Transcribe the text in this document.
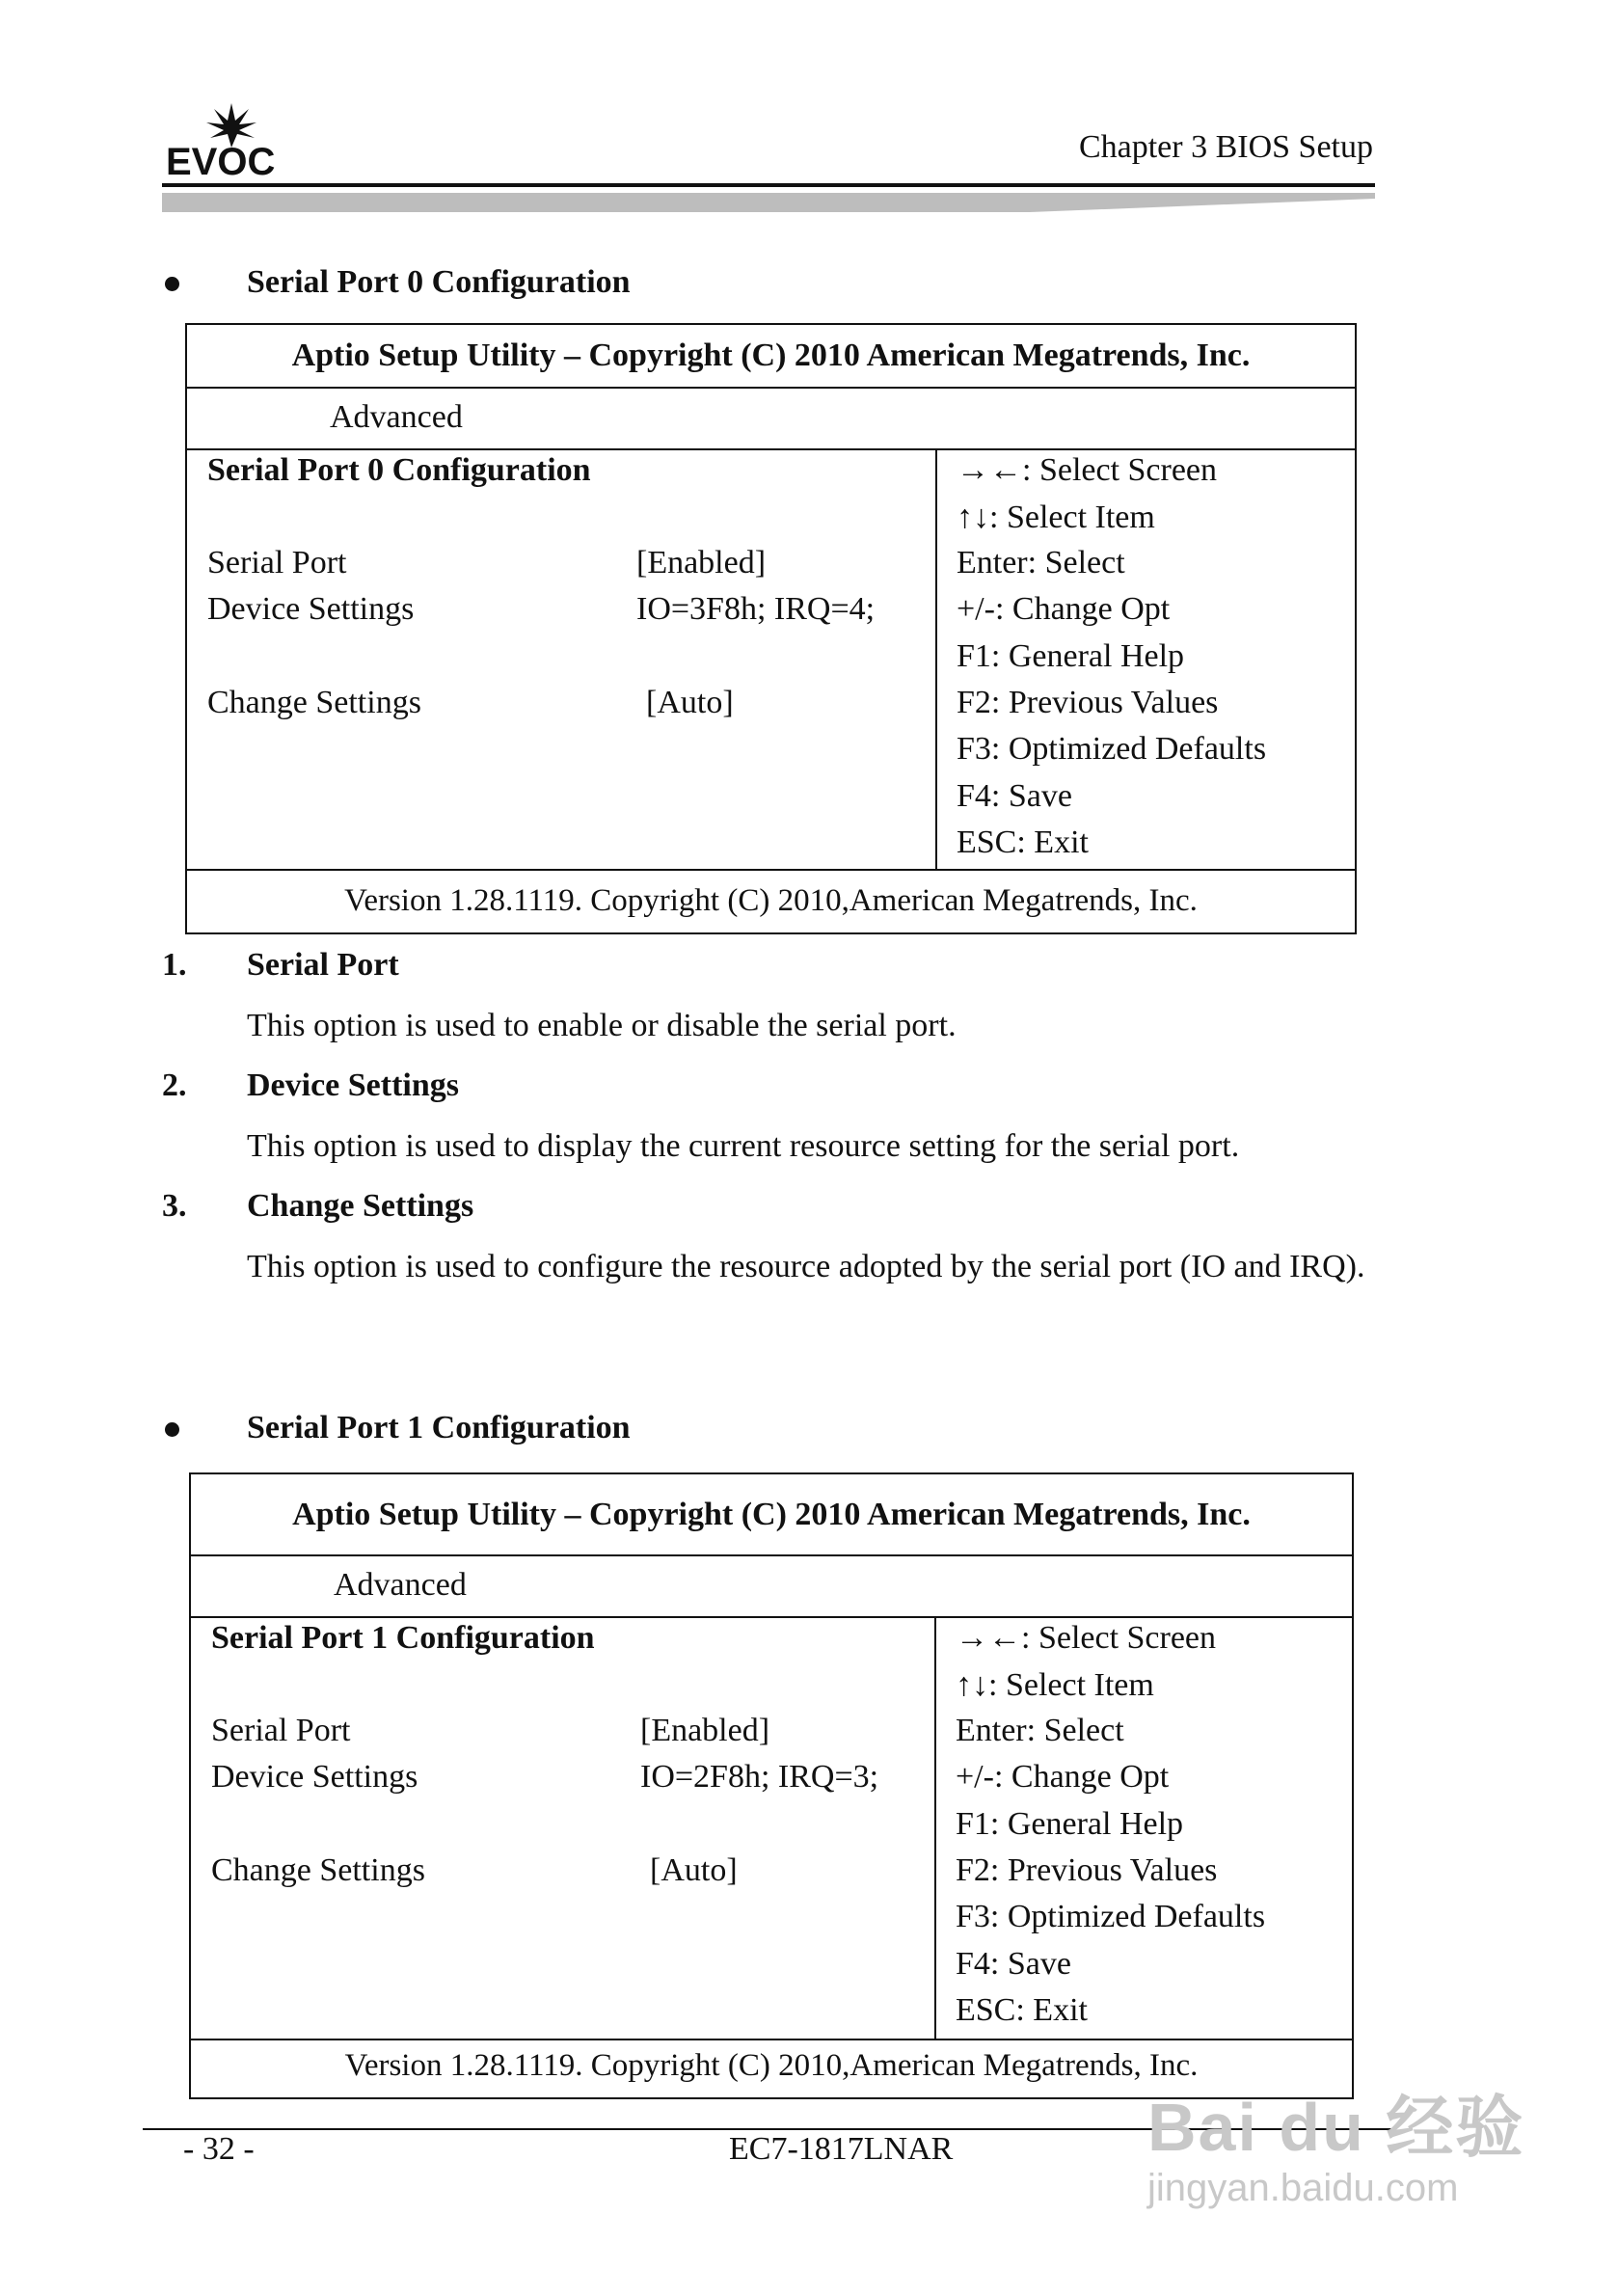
EVOC	Chapter 3 BIOS Setup
Serial Port 0 Configuration
Aptio Setup Utility – Copyright (C) 2010 American Megatrends, Inc.
Advanced
Serial Port 0 Configuration
Serial Port	[Enabled]
Device Settings	IO=3F8h; IRQ=4;
Change Settings	[Auto]
→←: Select Screen
↑↓: Select Item
Enter: Select
+/-: Change Opt
F1: General Help
F2: Previous Values
F3: Optimized Defaults
F4: Save
ESC: Exit
Version 1.28.1119. Copyright (C) 2010,American Megatrends, Inc.
1. Serial Port
This option is used to enable or disable the serial port.
2. Device Settings
This option is used to display the current resource setting for the serial port.
3. Change Settings
This option is used to configure the resource adopted by the serial port (IO and IRQ).
Serial Port 1 Configuration
Aptio Setup Utility – Copyright (C) 2010 American Megatrends, Inc.
Advanced
Serial Port 1 Configuration
Serial Port	[Enabled]
Device Settings	IO=2F8h; IRQ=3;
Change Settings	[Auto]
→←: Select Screen
↑↓: Select Item
Enter: Select
+/-: Change Opt
F1: General Help
F2: Previous Values
F3: Optimized Defaults
F4: Save
ESC: Exit
Version 1.28.1119. Copyright (C) 2010,American Megatrends, Inc.
- 32 -	EC7-1817LNAR	Bai du 经验
jingyan.baidu.com
